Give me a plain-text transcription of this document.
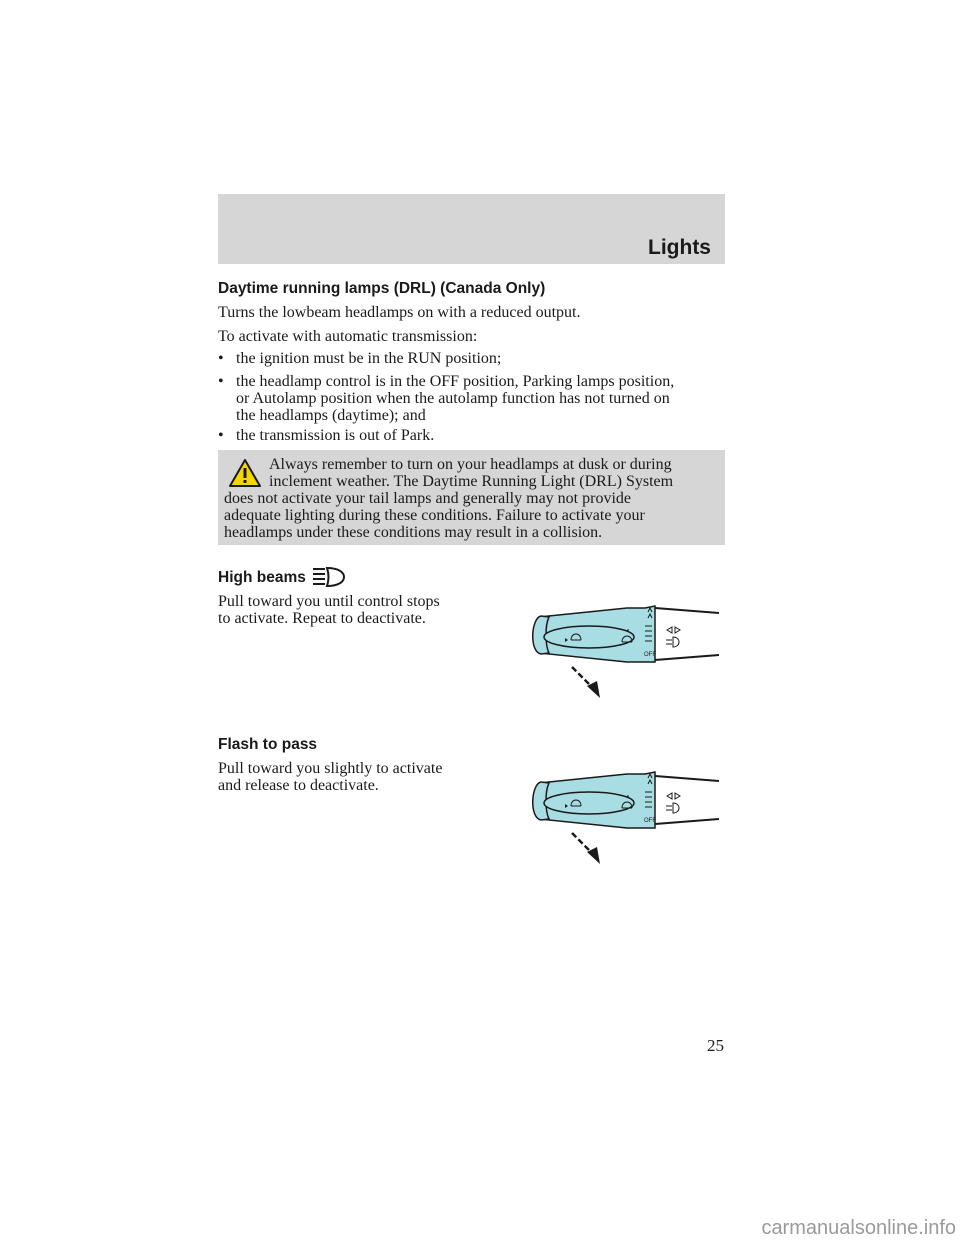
Lights
Daytime running lamps (DRL) (Canada Only)
Turns the lowbeam headlamps on with a reduced output.
To activate with automatic transmission:
• the ignition must be in the RUN position;
• the headlamp control is in the OFF position, Parking lamps position,
or Autolamp position when the autolamp function has not turned on
the headlamps (daytime); and
• the transmission is out of Park.
Always remember to turn on your headlamps at dusk or during
inclement weather. The Daytime Running Light (DRL) System
does not activate your tail lamps and generally may not provide
adequate lighting during these conditions. Failure to activate your
headlamps under these conditions may result in a collision.
High beams
Pull toward you until control stops
to activate. Repeat to deactivate.
OFF
Flash to pass
Pull toward you slightly to activate
and release to deactivate.
OFF
25
carmanualsonline.info
